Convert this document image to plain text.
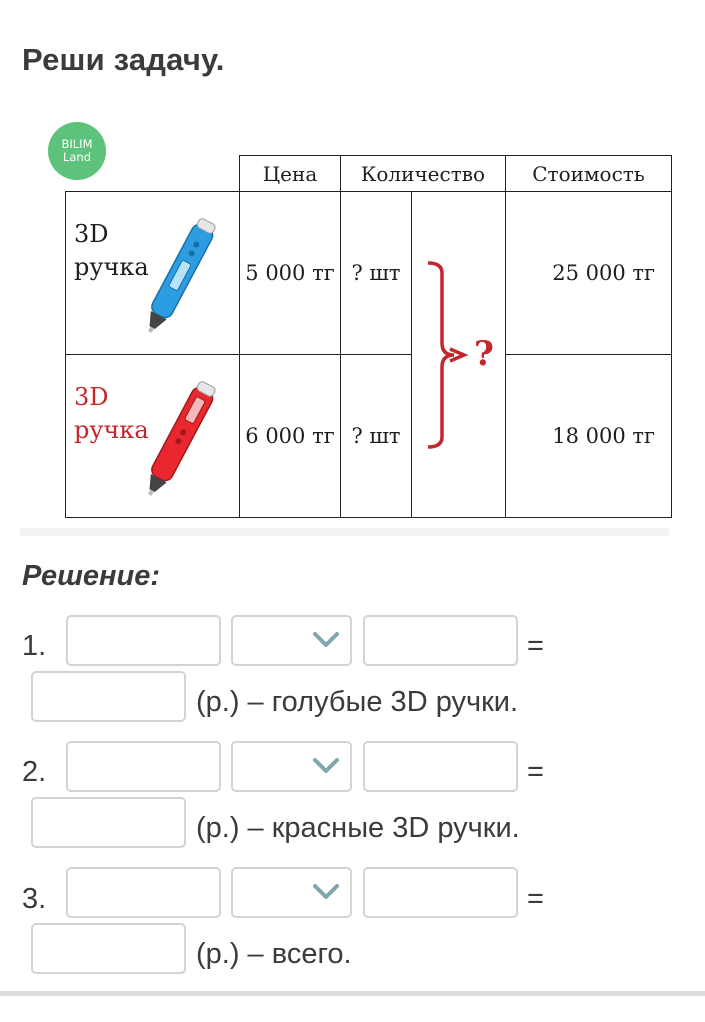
Реши задачу.
BILIM
Land
	Цена	Количество		Стоимость

3D
ручка	5 000 тг	? шт	?	25 000 тг

3D
ручка	6 000 тг	? шт		18 000 тг
Решение:
1.	=
(р.) – голубые 3D ручки.
2.	=
(р.) – красные 3D ручки.
3.	=
(р.) – всего.
